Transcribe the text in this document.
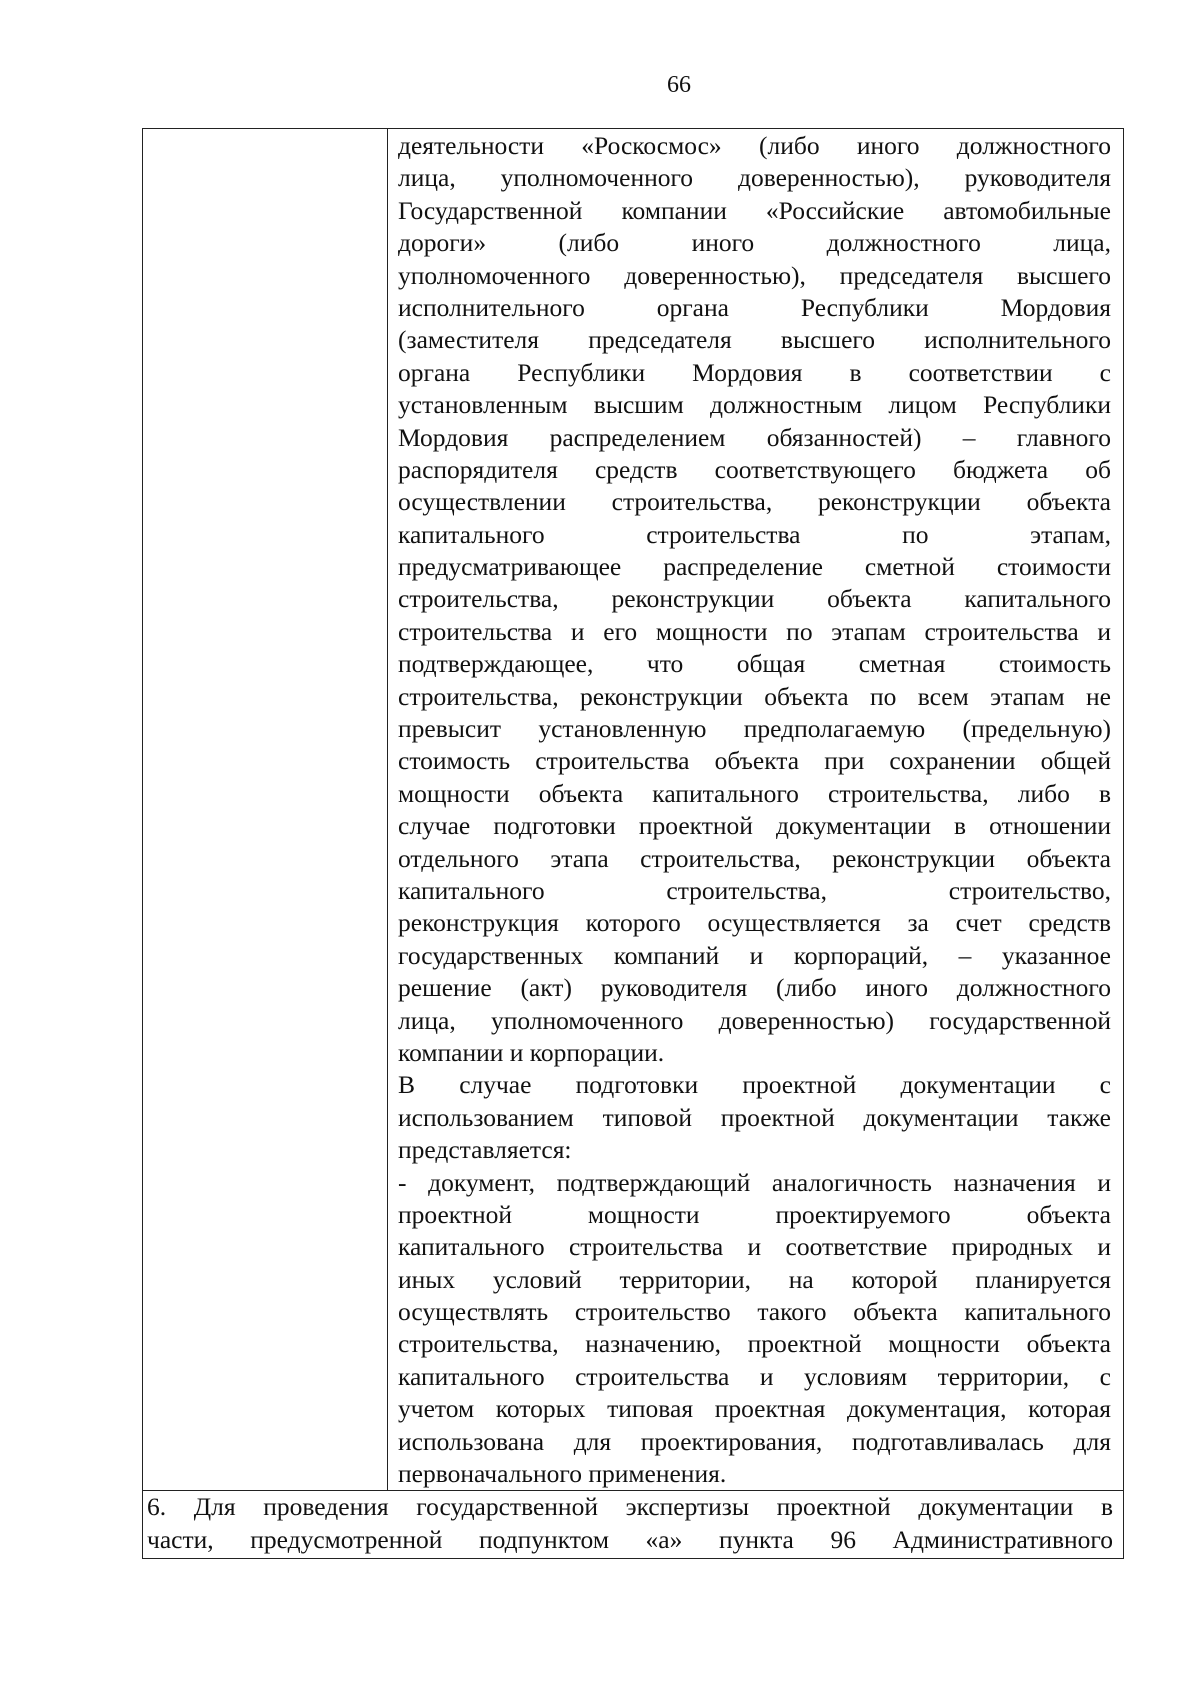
66
деятельности «Роскосмос» (либо иного должностного
лица, уполномоченного доверенностью), руководителя
Государственной компании «Российские автомобильные
дороги» (либо иного должностного лица,
уполномоченного доверенностью), председателя высшего
исполнительного органа Республики Мордовия
(заместителя председателя высшего исполнительного
органа Республики Мордовия в соответствии с
установленным высшим должностным лицом Республики
Мордовия распределением обязанностей) – главного
распорядителя средств соответствующего бюджета об
осуществлении строительства, реконструкции объекта
капитального строительства по этапам,
предусматривающее распределение сметной стоимости
строительства, реконструкции объекта капитального
строительства и его мощности по этапам строительства и
подтверждающее, что общая сметная стоимость
строительства, реконструкции объекта по всем этапам не
превысит установленную предполагаемую (предельную)
стоимость строительства объекта при сохранении общей
мощности объекта капитального строительства, либо в
случае подготовки проектной документации в отношении
отдельного этапа строительства, реконструкции объекта
капитального строительства, строительство,
реконструкция которого осуществляется за счет средств
государственных компаний и корпораций, – указанное
решение (акт) руководителя (либо иного должностного
лица, уполномоченного доверенностью) государственной
компании и корпорации.
В случае подготовки проектной документации с
использованием типовой проектной документации также
представляется:
- документ, подтверждающий аналогичность назначения и
проектной мощности проектируемого объекта
капитального строительства и соответствие природных и
иных условий территории, на которой планируется
осуществлять строительство такого объекта капитального
строительства, назначению, проектной мощности объекта
капитального строительства и условиям территории, с
учетом которых типовая проектная документация, которая
использована для проектирования, подготавливалась для
первоначального применения.
6. Для проведения государственной экспертизы проектной документации в
части, предусмотренной подпунктом «а» пункта 96 Административного
